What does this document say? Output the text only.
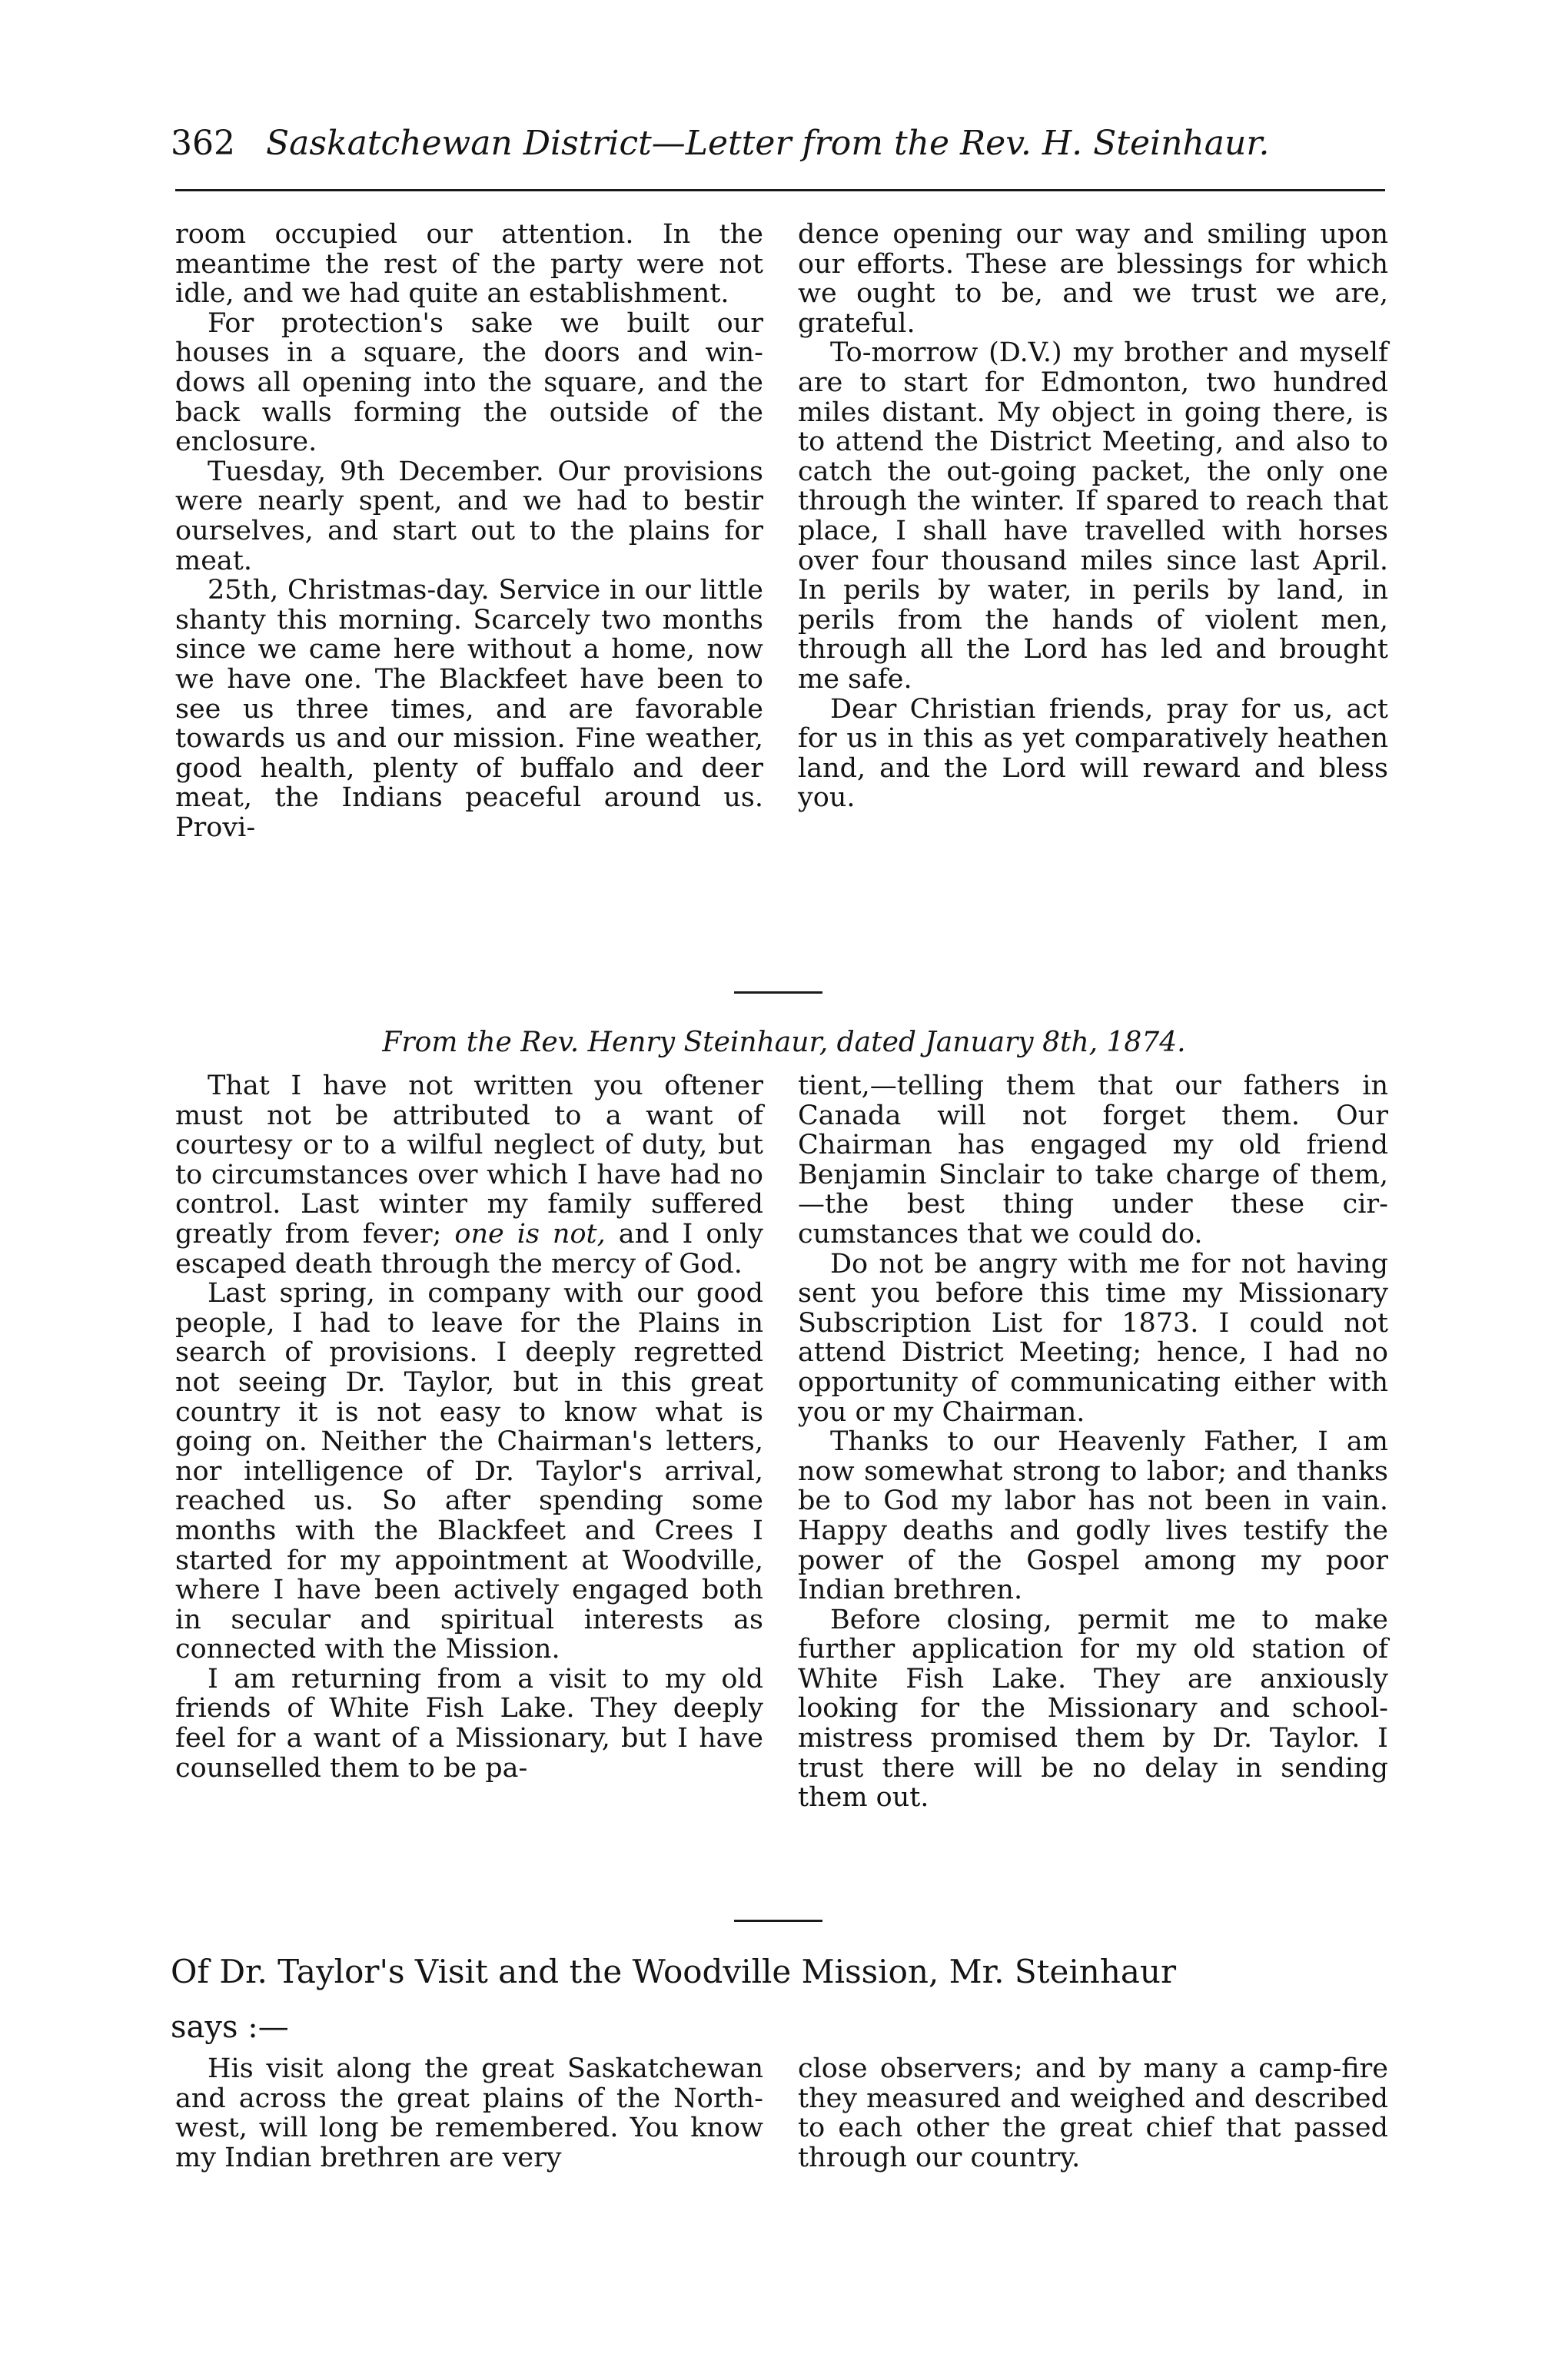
362 Saskatchewan District—Letter from the Rev. H. Steinhaur.

room occupied our attention. In the meantime the rest of the party were not idle, and we had quite an establishment.

For protection's sake we built our houses in a square, the doors and windows all opening into the square, and the back walls forming the outside of the enclosure.

Tuesday, 9th December. Our provisions were nearly spent, and we had to bestir ourselves, and start out to the plains for meat.

25th, Christmas-day. Service in our little shanty this morning. Scarcely two months since we came here without a home, now we have one. The Blackfeet have been to see us three times, and are favorable towards us and our mission. Fine weather, good health, plenty of buffalo and deer meat, the Indians peaceful around us. Provi-

dence opening our way and smiling upon our efforts. These are blessings for which we ought to be, and we trust we are, grateful.

To-morrow (D.V.) my brother and myself are to start for Edmonton, two hundred miles distant. My object in going there, is to attend the District Meeting, and also to catch the out-going packet, the only one through the winter. If spared to reach that place, I shall have travelled with horses over four thousand miles since last April. In perils by water, in perils by land, in perils from the hands of violent men, through all the Lord has led and brought me safe.

Dear Christian friends, pray for us, act for us in this as yet comparatively heathen land, and the Lord will reward and bless you.

From the Rev. Henry Steinhaur, dated January 8th, 1874.

That I have not written you oftener must not be attributed to a want of courtesy or to a wilful neglect of duty, but to circumstances over which I have had no control. Last winter my family suffered greatly from fever; one is not, and I only escaped death through the mercy of God.

Last spring, in company with our good people, I had to leave for the Plains in search of provisions. I deeply regretted not seeing Dr. Taylor, but in this great country it is not easy to know what is going on. Neither the Chairman's letters, nor intelligence of Dr. Taylor's arrival, reached us. So after spending some months with the Blackfeet and Crees I started for my appointment at Woodville, where I have been actively engaged both in secular and spiritual interests as connected with the Mission.

I am returning from a visit to my old friends of White Fish Lake. They deeply feel for a want of a Missionary, but I have counselled them to be pa-

tient,—telling them that our fathers in Canada will not forget them. Our Chairman has engaged my old friend Benjamin Sinclair to take charge of them,—the best thing under these circumstances that we could do.

Do not be angry with me for not having sent you before this time my Missionary Subscription List for 1873. I could not attend District Meeting; hence, I had no opportunity of communicating either with you or my Chairman.

Thanks to our Heavenly Father, I am now somewhat strong to labor; and thanks be to God my labor has not been in vain. Happy deaths and godly lives testify the power of the Gospel among my poor Indian brethren.

Before closing, permit me to make further application for my old station of White Fish Lake. They are anxiously looking for the Missionary and schoolmistress promised them by Dr. Taylor. I trust there will be no delay in sending them out.

Of Dr. Taylor's Visit and the Woodville Mission, Mr. Steinhaur
says :—

His visit along the great Saskatchewan and across the great plains of the North-west, will long be remembered. You know my Indian brethren are very

close observers; and by many a camp-fire they measured and weighed and described to each other the great chief that passed through our country.
